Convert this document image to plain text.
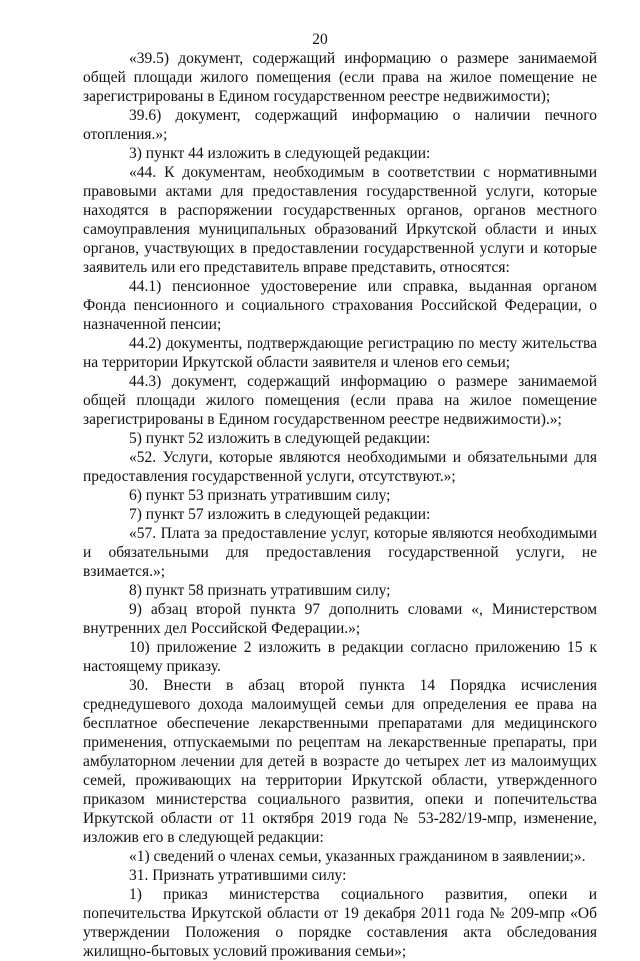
20

«39.5) документ, содержащий информацию о размере занимаемой общей площади жилого помещения (если права на жилое помещение не зарегистрированы в Едином государственном реестре недвижимости);

39.6) документ, содержащий информацию о наличии печного отопления.»;

3) пункт 44 изложить в следующей редакции:

«44. К документам, необходимым в соответствии с нормативными правовыми актами для предоставления государственной услуги, которые находятся в распоряжении государственных органов, органов местного самоуправления муниципальных образований Иркутской области и иных органов, участвующих в предоставлении государственной услуги и которые заявитель или его представитель вправе представить, относятся:

44.1) пенсионное удостоверение или справка, выданная органом Фонда пенсионного и социального страхования Российской Федерации, о назначенной пенсии;

44.2) документы, подтверждающие регистрацию по месту жительства на территории Иркутской области заявителя и членов его семьи;

44.3) документ, содержащий информацию о размере занимаемой общей площади жилого помещения (если права на жилое помещение зарегистрированы в Едином государственном реестре недвижимости).»;

5) пункт 52 изложить в следующей редакции:

«52. Услуги, которые являются необходимыми и обязательными для предоставления государственной услуги, отсутствуют.»;

6) пункт 53 признать утратившим силу;

7) пункт 57 изложить в следующей редакции:

«57. Плата за предоставление услуг, которые являются необходимыми и обязательными для предоставления государственной услуги, не взимается.»;

8) пункт 58 признать утратившим силу;

9) абзац второй пункта 97 дополнить словами «, Министерством внутренних дел Российской Федерации.»;

10) приложение 2 изложить в редакции согласно приложению 15 к настоящему приказу.

30. Внести в абзац второй пункта 14 Порядка исчисления среднедушевого дохода малоимущей семьи для определения ее права на бесплатное обеспечение лекарственными препаратами для медицинского применения, отпускаемыми по рецептам на лекарственные препараты, при амбулаторном лечении для детей в возрасте до четырех лет из малоимущих семей, проживающих на территории Иркутской области, утвержденного приказом министерства социального развития, опеки и попечительства Иркутской области от 11 октября 2019 года № 53-282/19-мпр, изменение, изложив его в следующей редакции:

«1) сведений о членах семьи, указанных гражданином в заявлении;».

31. Признать утратившими силу:

1) приказ министерства социального развития, опеки и попечительства Иркутской области от 19 декабря 2011 года № 209-мпр «Об утверждении Положения о порядке составления акта обследования жилищно-бытовых условий проживания семьи»;
